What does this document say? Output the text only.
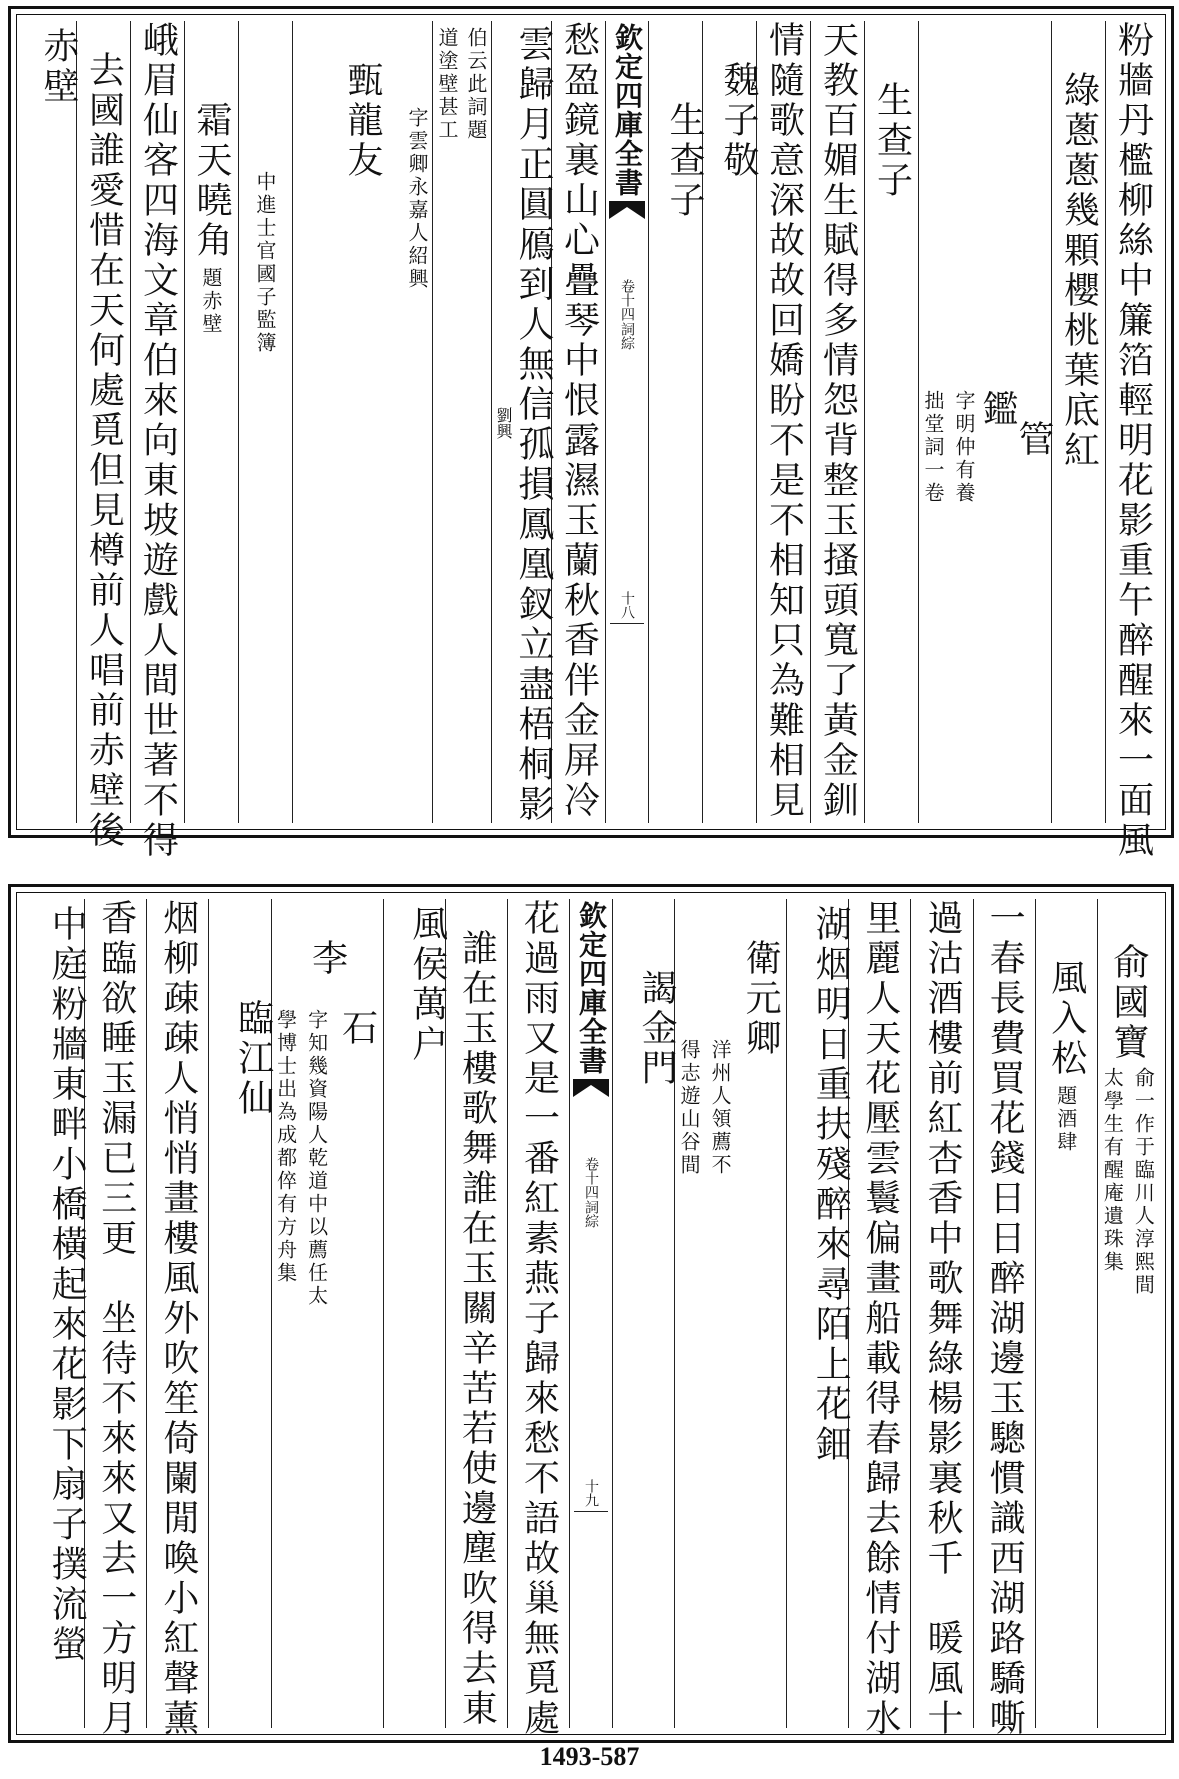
粉牆丹檻柳絲中簾箔輕明花影重午醉醒來一面風
綠蔥蔥幾顆櫻桃葉底紅
管
鑑
字明仲有養
拙堂詞一卷
生查子
天教百媚生賦得多情怨背整玉搔頭寬了黃金釧
情隨歌意深故故回嬌盼不是不相知只為難相見
魏子敬
生查子
欽定四庫全書
詞綜
卷十四
十八
愁盈鏡裏山心疊琴中恨露濕玉蘭秋香伴金屏冷
雲歸月正圓鴈到人無信孤損鳳凰釵立盡梧桐影
劉興
伯云此詞題
道塗壁甚工
甄龍友 字雲卿永嘉人紹興
中進士官國子監簿
霜天曉角
題赤壁
峨眉仙客四海文章伯來向東坡遊戲人間世著不得
去國誰愛惜在天何處覓但見樽前人唱前赤壁後
赤壁
俞國寶
俞一作于臨川人淳熙間
太學生有醒庵遺珠集
風入松
題酒肆
一春長費買花錢日日醉湖邊玉驄慣識西湖路驕嘶
過沽酒樓前紅杏香中歌舞綠楊影裏秋千　暖風十
里麗人天花壓雲鬟偏畫船載得春歸去餘情付湖水
湖烟明日重扶殘醉來尋陌上花鈿
衛元卿
洋州人領薦不
得志遊山谷間
謁金門
欽定四庫全書
詞綜
卷十四
十九
花過雨又是一番紅素燕子歸來愁不語故巢無覓處
誰在玉樓歌舞誰在玉關辛苦若使邊塵吹得去東
風侯萬户
李
石
字知幾資陽人乾道中以薦任太
學博士出為成都倅有方舟集
臨江仙
烟柳疎疎人悄悄畫樓風外吹笙倚闌閒喚小紅聲薰
香臨欲睡玉漏已三更　坐待不來來又去一方明月
中庭粉牆東畔小橋橫起來花影下扇子撲流螢
1493-587
